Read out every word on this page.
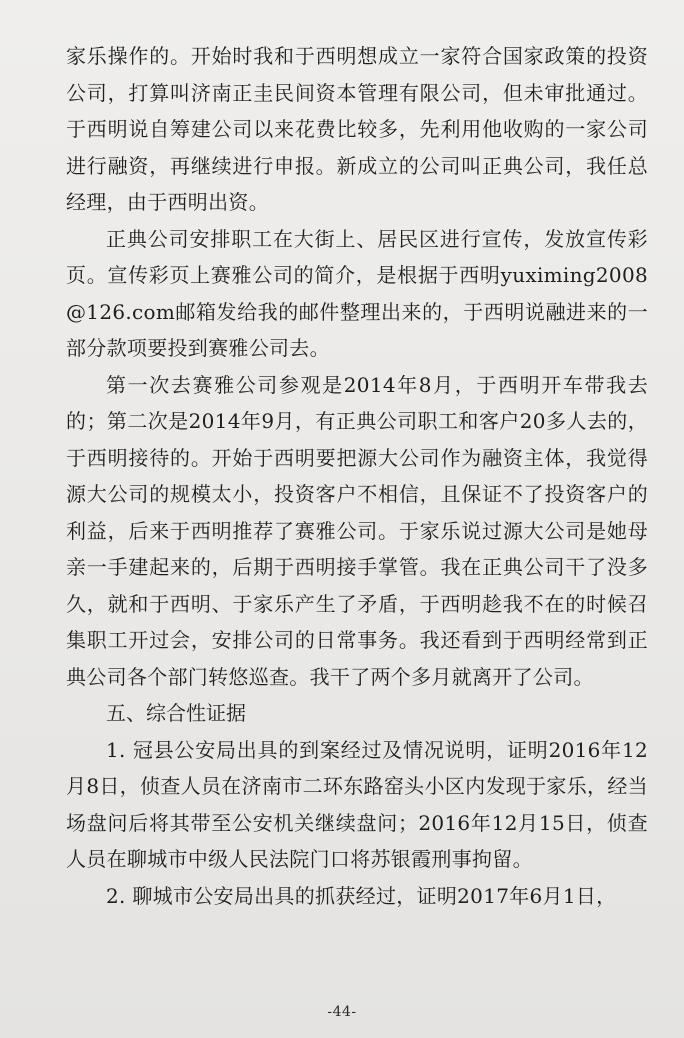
家乐操作的。开始时我和于西明想成立一家符合国家政策的投资公司，打算叫济南正圭民间资本管理有限公司，但未审批通过。于西明说自筹建公司以来花费比较多，先利用他收购的一家公司进行融资，再继续进行申报。新成立的公司叫正典公司，我任总经理，由于西明出资。

正典公司安排职工在大街上、居民区进行宣传，发放宣传彩页。宣传彩页上赛雅公司的简介，是根据于西明yuximing2008@126.com邮箱发给我的邮件整理出来的，于西明说融进来的一部分款项要投到赛雅公司去。

第一次去赛雅公司参观是2014年8月，于西明开车带我去的；第二次是2014年9月，有正典公司职工和客户20多人去的，于西明接待的。开始于西明要把源大公司作为融资主体，我觉得源大公司的规模太小，投资客户不相信，且保证不了投资客户的利益，后来于西明推荐了赛雅公司。于家乐说过源大公司是她母亲一手建起来的，后期于西明接手掌管。我在正典公司干了没多久，就和于西明、于家乐产生了矛盾，于西明趁我不在的时候召集职工开过会，安排公司的日常事务。我还看到于西明经常到正典公司各个部门转悠巡查。我干了两个多月就离开了公司。

五、综合性证据

1. 冠县公安局出具的到案经过及情况说明，证明2016年12月8日，侦查人员在济南市二环东路窑头小区内发现于家乐，经当场盘问后将其带至公安机关继续盘问；2016年12月15日，侦查人员在聊城市中级人民法院门口将苏银霞刑事拘留。

2. 聊城市公安局出具的抓获经过，证明2017年6月1日，

-44-
